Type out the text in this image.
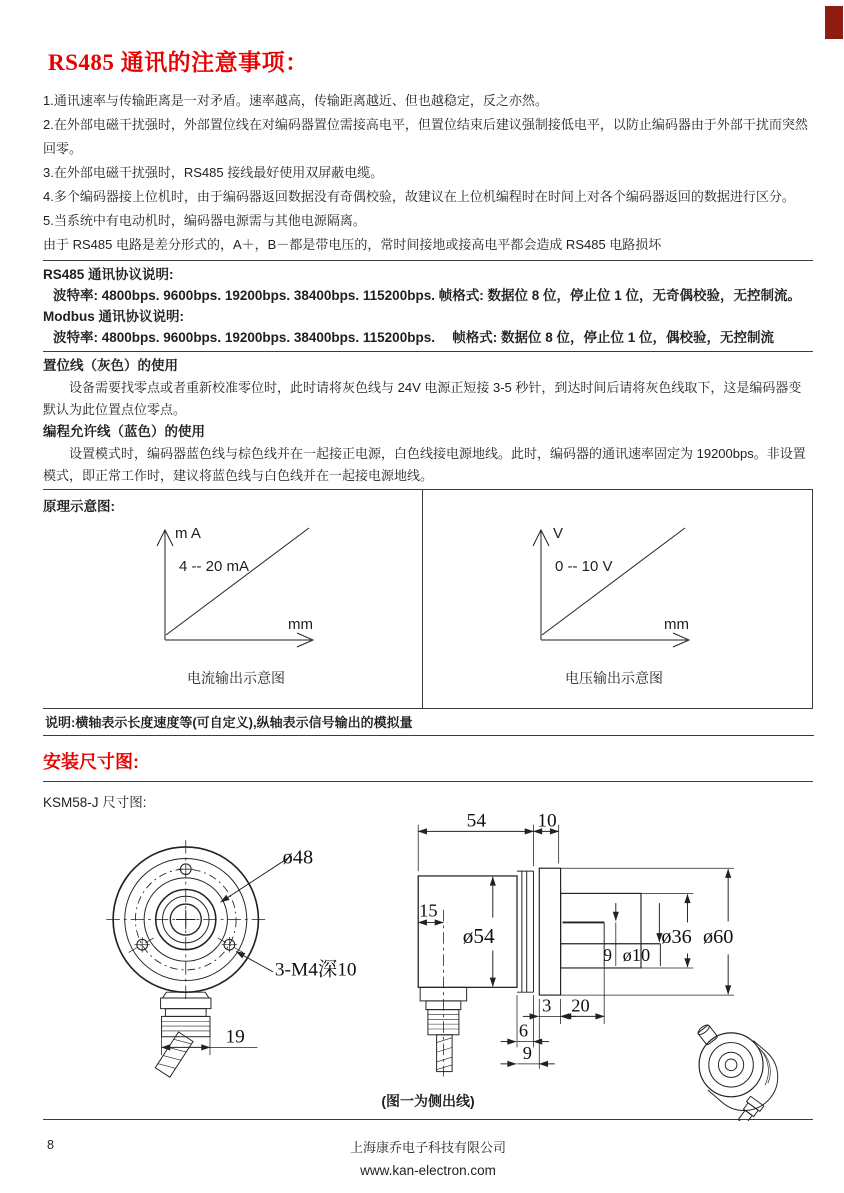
RS485 通讯的注意事项：

1.通讯速率与传输距离是一对矛盾。速率越高，传输距离越近、但也越稳定，反之亦然。

2.在外部电磁干扰强时，外部置位线在对编码器置位需接高电平，但置位结束后建议强制接低电平，以防止编码器由于外部干扰而突然回零。

3.在外部电磁干扰强时，RS485 接线最好使用双屏蔽电缆。

4.多个编码器接上位机时，由于编码器返回数据没有奇偶校验，故建议在上位机编程时在时间上对各个编码器返回的数据进行区分。

5.当系统中有电动机时，编码器电源需与其他电源隔离。

由于 RS485 电路是差分形式的，A＋，B－都是带电压的，常时间接地或接高电平都会造成 RS485 电路损坏

RS485 通讯协议说明:

波特率: 4800bps. 9600bps. 19200bps. 38400bps. 115200bps. 帧格式: 数据位 8 位，停止位 1 位，无奇偶校验，无控制流。

Modbus 通讯协议说明:

波特率: 4800bps. 9600bps. 19200bps. 38400bps. 115200bps.　 帧格式: 数据位 8 位，停止位 1 位，偶校验，无控制流

置位线（灰色）的使用

设备需要找零点或者重新校准零位时，此时请将灰色线与 24V 电源正短接 3-5 秒针，到达时间后请将灰色线取下，这是编码器变默认为此位置点位零点。

编程允许线（蓝色）的使用

设置模式时，编码器蓝色线与棕色线并在一起接正电源，白色线接电源地线。此时，编码器的通讯速率固定为 19200bps。非设置模式，即正常工作时，建议将蓝色线与白色线并在一起接电源地线。

原理示意图:
m A
4 -- 20 mA
mm
电流输出示意图
V
0 -- 10 V
mm
电压输出示意图
说明:横轴表示长度速度等(可自定义),纵轴表示信号输出的模拟量
安装尺寸图:

KSM58-J 尺寸图:

ø48
3-M4深10
19
54	10
15
ø54
9 ø10
ø36 ø60
3 20
6
9
(图一为侧出线)
8	上海康乔电子科技有限公司
www.kan-electron.com
